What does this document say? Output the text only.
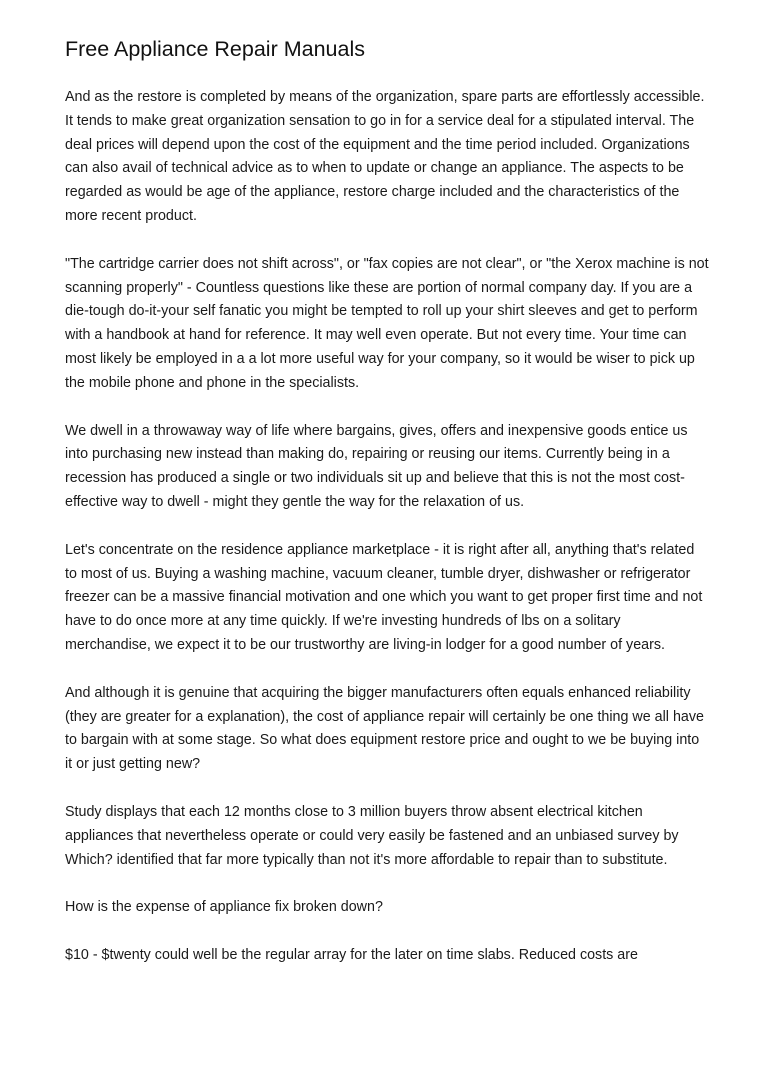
Free Appliance Repair Manuals

And as the restore is completed by means of the organization, spare parts are effortlessly accessible. It tends to make great organization sensation to go in for a service deal for a stipulated interval. The deal prices will depend upon the cost of the equipment and the time period included. Organizations can also avail of technical advice as to when to update or change an appliance. The aspects to be regarded as would be age of the appliance, restore charge included and the characteristics of the more recent product.

"The cartridge carrier does not shift across", or "fax copies are not clear", or "the Xerox machine is not scanning properly" - Countless questions like these are portion of normal company day. If you are a die-tough do-it-your self fanatic you might be tempted to roll up your shirt sleeves and get to perform with a handbook at hand for reference. It may well even operate. But not every time. Your time can most likely be employed in a a lot more useful way for your company, so it would be wiser to pick up the mobile phone and phone in the specialists.

We dwell in a throwaway way of life where bargains, gives, offers and inexpensive goods entice us into purchasing new instead than making do, repairing or reusing our items. Currently being in a recession has produced a single or two individuals sit up and believe that this is not the most cost-effective way to dwell - might they gentle the way for the relaxation of us.

Let's concentrate on the residence appliance marketplace - it is right after all, anything that's related to most of us. Buying a washing machine, vacuum cleaner, tumble dryer, dishwasher or refrigerator freezer can be a massive financial motivation and one which you want to get proper first time and not have to do once more at any time quickly. If we're investing hundreds of lbs on a solitary merchandise, we expect it to be our trustworthy are living-in lodger for a good number of years.

And although it is genuine that acquiring the bigger manufacturers often equals enhanced reliability (they are greater for a explanation), the cost of appliance repair will certainly be one thing we all have to bargain with at some stage. So what does equipment restore price and ought to we be buying into it or just getting new?

Study displays that each 12 months close to 3 million buyers throw absent electrical kitchen appliances that nevertheless operate or could very easily be fastened and an unbiased survey by Which? identified that far more typically than not it's more affordable to repair than to substitute.

How is the expense of appliance fix broken down?

$10 - $twenty could well be the regular array for the later on time slabs. Reduced costs are
